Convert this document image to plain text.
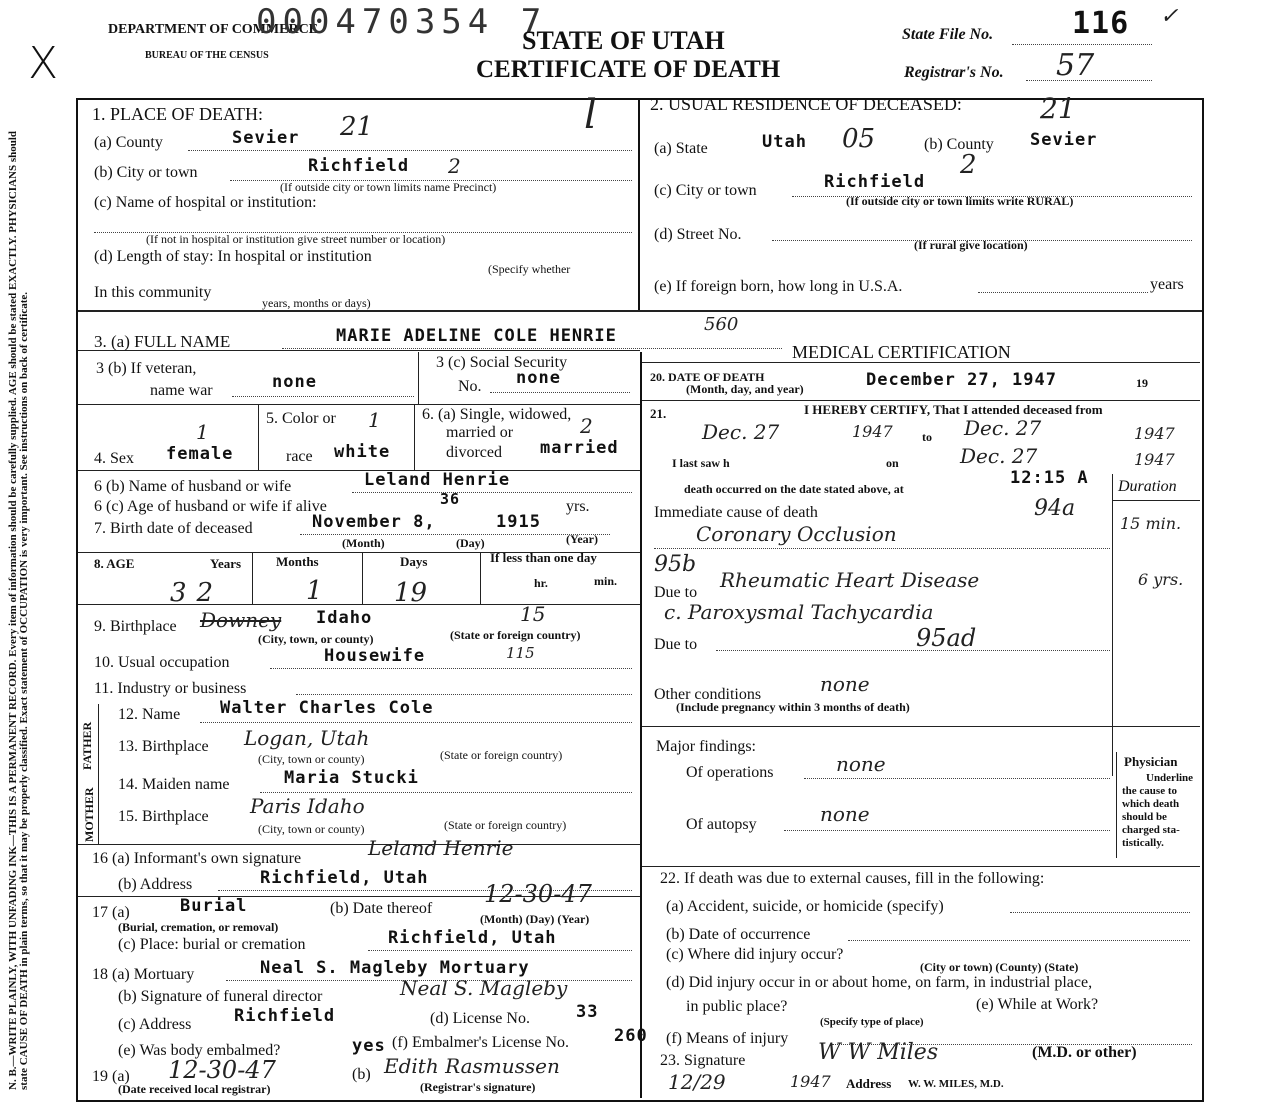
N. B.—WRITE PLAINLY, WITH UNFADING INK—THIS IS A PERMANENT RECORD. Every item of information should be carefully supplied. AGE should be stated EXACTLY. PHYSICIANS should state CAUSE OF DEATH in plain terms, so that it may be properly classified. Exact statement of OCCUPATION is very important. See instructions on back of certificate.
X
DEPARTMENT OF COMMERCE
BUREAU OF THE CENSUS
000470354 7
STATE OF UTAH
CERTIFICATE OF DEATH
State File No.	116 ✓
Registrar's No. 57
1. PLACE OF DEATH:
(a) County	Sevier 21	l
(b) City or town	Richfield 2
(If outside city or town limits name Precinct)
(c) Name of hospital or institution:
(If not in hospital or institution give street number or location)
(d) Length of stay: In hospital or institution
(Specify whether
In this community
years, months or days)
2. USUAL RESIDENCE OF DECEASED:	21
(a) State	Utah 05	(b) County Sevier
(c) City or town	Richfield
2
(If outside city or town limits write RURAL)
(d) Street No.
(If rural give location)
(e) If foreign born, how long in U.S.A.	years
3. (a) FULL NAME	MARIE ADELINE COLE HENRIE
560
3 (b) If veteran,
name war	none
3 (c) Social Security
No. none
4. Sex female
1
5. Color or
race white
1	6. (a) Single, widowed,
married or
divorced married
2
6 (b) Name of husband or wife	Leland Henrie
6 (c) Age of husband or wife if alive	36	yrs.
7. Birth date of deceased	November 8,	1915
(Month)	(Day)	(Year)
8. AGE	Years	Months	Days	If less than one day
32	1	19	hr.	min.
9. Birthplace Downey Idaho	15
(City, town, or county)	(State or foreign country)
10. Usual occupation	Housewife	115
11. Industry or business
FATHER
MOTHER
12. Name Walter Charles Cole
13. Birthplace Logan, Utah
(City, town or county)	(State or foreign country)
14. Maiden name	Maria Stucki
15. Birthplace Paris Idaho
(City, town or county)	(State or foreign country)
16 (a) Informant's own signature	Leland Henrie
(b) Address	Richfield, Utah
17 (a)	Burial
(Burial, cremation, or removal)
(b) Date thereof
12-30-47
(Month) (Day) (Year)
(c) Place: burial or cremation	Richfield, Utah
18 (a) Mortuary	Neal S. Magleby Mortuary
(b) Signature of funeral director	Neal S. Magleby
(c) Address	Richfield	(d) License No.	33
(e) Was body embalmed?	yes (f) Embalmer's License No.	260
19 (a) 12-30-47
(Date received local registrar)
(b) Edith Rasmussen
(Registrar's signature)
MEDICAL CERTIFICATION
20. DATE OF DEATH
(Month, day, and year)	December 27, 1947	19
21.	I HEREBY CERTIFY, That I attended deceased from
Dec. 27	1947 to Dec. 27	1947
I last saw h	on	Dec. 27	1947
death occurred on the date stated above, at
12:15 A Duration
Immediate cause of death	94a
Coronary Occlusion	15 min.
95b
Due to
Rheumatic Heart Disease	6 yrs.
c. Paroxysmal Tachycardia
95ad
Due to
Other conditions	none
(Include pregnancy within 3 months of death)
Major findings:
Of operations	none
Of autopsy	none
Physician
Underline
the cause to
which death
should be
charged sta-
tistically.
22. If death was due to external causes, fill in the following:
(a) Accident, suicide, or homicide (specify)
(b) Date of occurrence
(c) Where did injury occur?
(City or town) (County) (State)
(d) Did injury occur in or about home, on farm, in industrial place,
in public place?	(e) While at Work?
(Specify type of place)
(f) Means of injury
23. Signature	W W Miles	(M.D. or other)
12/29	1947 Address W. W. MILES, M.D.
